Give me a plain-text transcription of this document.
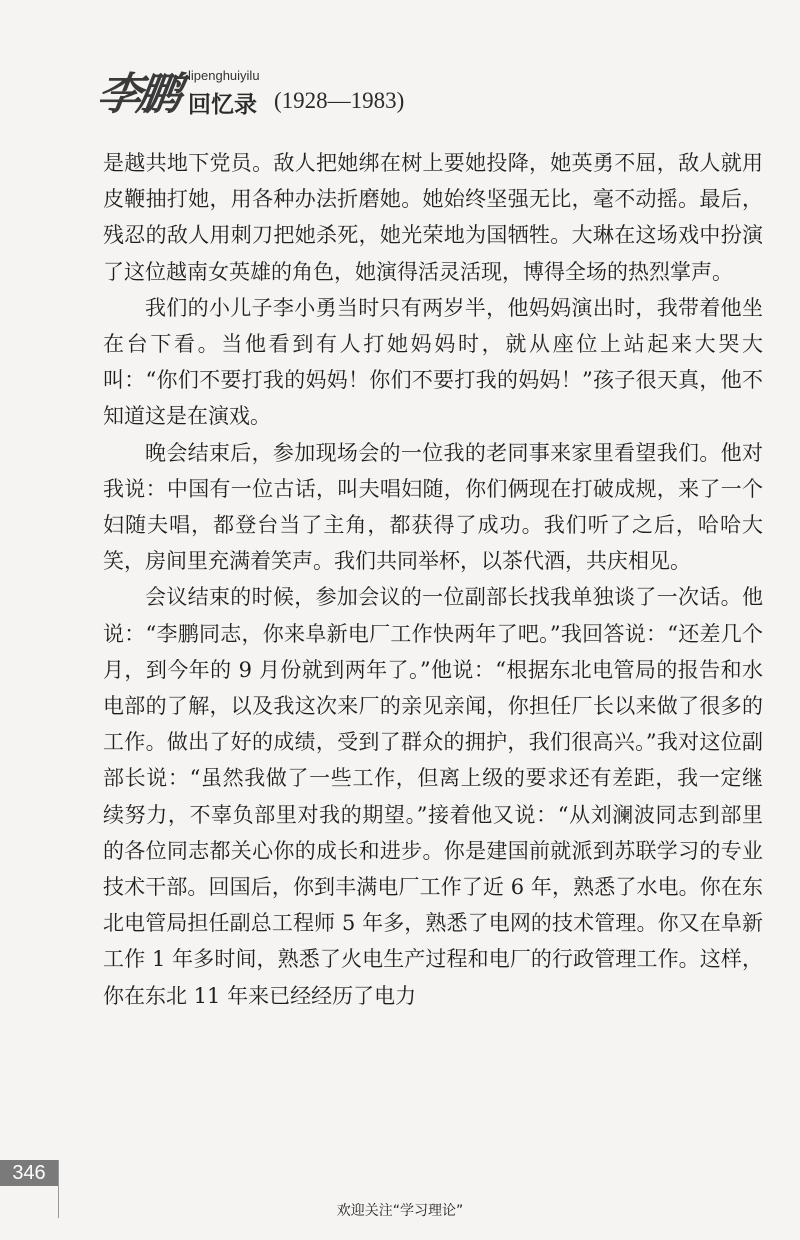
李鹏 lipenghuiyilu
回忆录 (1928—1983)

是越共地下党员。敌人把她绑在树上要她投降，她英勇不屈，敌人就用皮鞭抽打她，用各种办法折磨她。她始终坚强无比，毫不动摇。最后，残忍的敌人用刺刀把她杀死，她光荣地为国牺牲。大琳在这场戏中扮演了这位越南女英雄的角色，她演得活灵活现，博得全场的热烈掌声。

我们的小儿子李小勇当时只有两岁半，他妈妈演出时，我带着他坐在台下看。当他看到有人打她妈妈时，就从座位上站起来大哭大叫：“你们不要打我的妈妈！你们不要打我的妈妈！”孩子很天真，他不知道这是在演戏。

晚会结束后，参加现场会的一位我的老同事来家里看望我们。他对我说：中国有一位古话，叫夫唱妇随，你们俩现在打破成规，来了一个妇随夫唱，都登台当了主角，都获得了成功。我们听了之后，哈哈大笑，房间里充满着笑声。我们共同举杯，以茶代酒，共庆相见。

会议结束的时候，参加会议的一位副部长找我单独谈了一次话。他说：“李鹏同志，你来阜新电厂工作快两年了吧。”我回答说：“还差几个月，到今年的 9 月份就到两年了。”他说：“根据东北电管局的报告和水电部的了解，以及我这次来厂的亲见亲闻，你担任厂长以来做了很多的工作。做出了好的成绩，受到了群众的拥护，我们很高兴。”我对这位副部长说：“虽然我做了一些工作，但离上级的要求还有差距，我一定继续努力，不辜负部里对我的期望。”接着他又说：“从刘澜波同志到部里的各位同志都关心你的成长和进步。你是建国前就派到苏联学习的专业技术干部。回国后，你到丰满电厂工作了近 6 年，熟悉了水电。你在东北电管局担任副总工程师 5 年多，熟悉了电网的技术管理。你又在阜新工作 1 年多时间，熟悉了火电生产过程和电厂的行政管理工作。这样，你在东北 11 年来已经经历了电力

346
欢迎关注“学习理论”
